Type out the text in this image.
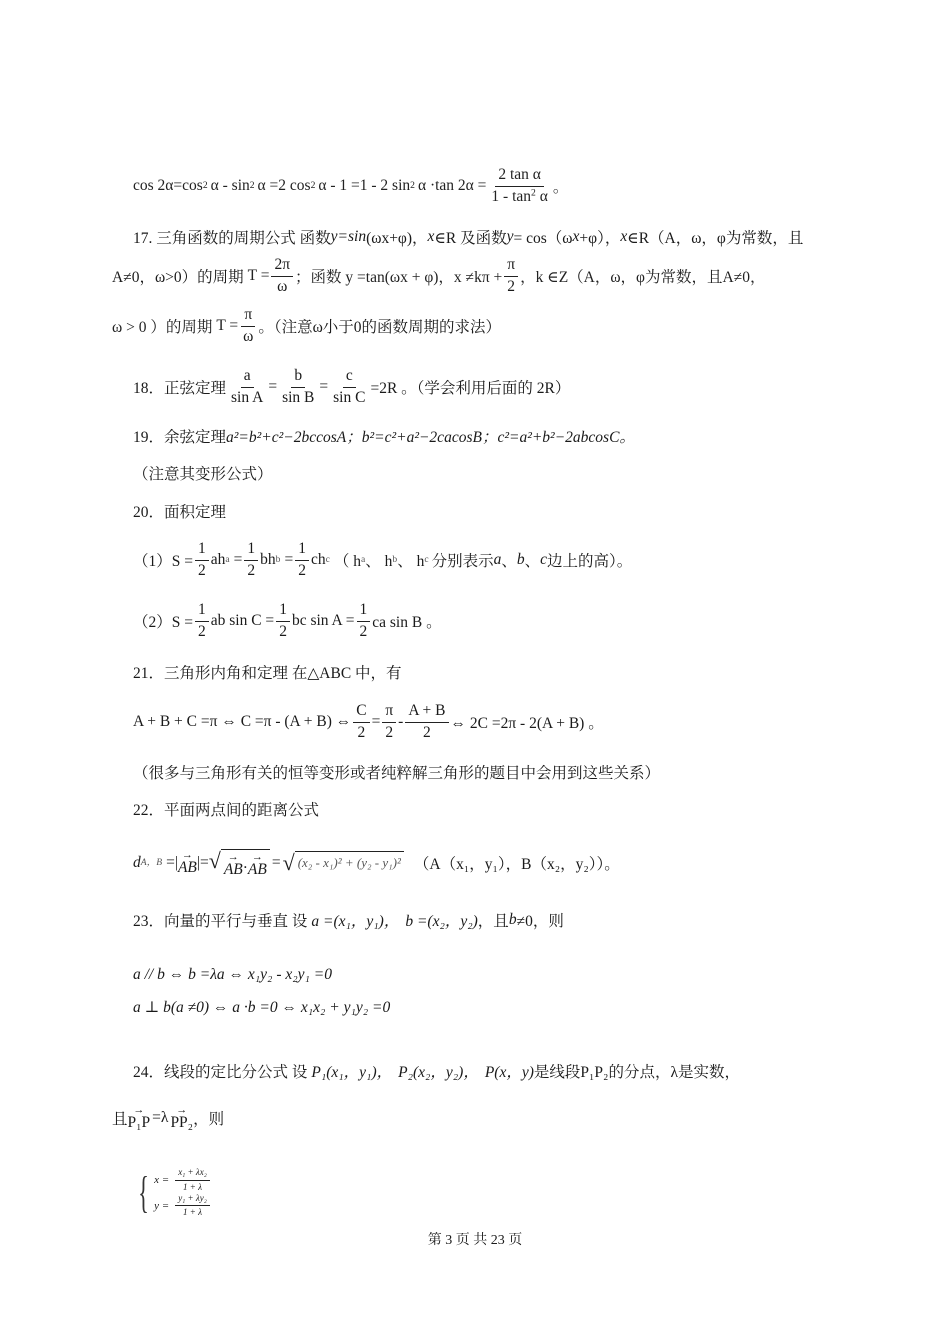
cos 2α =cos 2 α - sin 2 α =2 cos 2 α - 1 =1 - 2 sin 2 α ·tan $2\alpha = \frac{\text{2 tan α}}{1 - \tan^2 \alpha}$ 。
17. 三角函数的周期公式 函数 y=sin (ωx+φ)， x ∈R 及函数 y = cos（ω x +φ）， x ∈R（A，ω，φ为常数，且
A≠0，ω>0）的周期 $T = \frac{2\pi}{\omega}$ ；函数 y =tan(ωx + φ)，$x \ne k\pi + \frac{\pi}{2}$ ，k ∈Z（A，ω，φ为常数，且A≠0，
ω > 0 ）的周期 $T = \frac{\pi}{\omega}$ 。（注意ω小于0的函数周期的求法）
18．正弦定理 $\frac{a}{\text{sin A}} = \frac{b}{\text{sin B}} = \frac{c}{\text{sin C}} =2R$ 。（学会利用后面的 2R）
19．余弦定理 a²=b²+c²−2bccosA； b²=c²+a²−2cacosB； c²=a²+b²−2abcosC。
（注意其变形公式）
20．面积定理
$(1)S = \frac{1}{2}$ ah $a = \frac{1}{2}$ bh $b = \frac{1}{2}$ ch c （ h a 、 h b 、 h c 分别表示 a 、 b 、 c 边上的高）。
$(2)S = \frac{1}{2}$ ab $\sin C = \frac{1}{2}$ bc $\sin A = \frac{1}{2}$ ca sin B 。
21．三角形内角和定理 在△ABC 中，有
A + B + C =π ⇔ C =π - (A + B) ⇔ $\frac{C}{2} = \frac{\pi}{2} - \frac{A + B}{2}$ ⇔ 2C =2π - 2(A + B) 。
（很多与三角形有关的恒等变形或者纯粹解三角形的题目中会用到这些关系）
22．平面两点间的距离公式
d A，B =| →
AB |= √ →
AB ·
→
AB = √ (x₂ - x₁)² + (y₂ - y₁)² （A（x₁，y₁），B（x₂，y₂））。
23．向量的平行与垂直 设 a =(x₁，y₁)， b =(x₂，y₂) ，且 b ≠0，则
a // b ⇔ b =λa ⇔ x₁y₂ - x₂y₁ =0
a ⊥ b(a ≠0) ⇔ a ·b =0 ⇔ x₁x₂ + y₁y₂ =0
24．线段的定比分公式 设 P₁(x₁，y₁)， P₂(x₂，y₂)， P(x，y) 是线段P₁P₂的分点，λ是实数，
且
→
P₁P =λ →
PP₂ ，则
{ $x = \frac{\text{x₁ + λx₂}}{1 + \lambda}$
$y = \frac{\text{y₁ + λy₂}}{1 + \lambda}$
第 3 页 共 23 页
